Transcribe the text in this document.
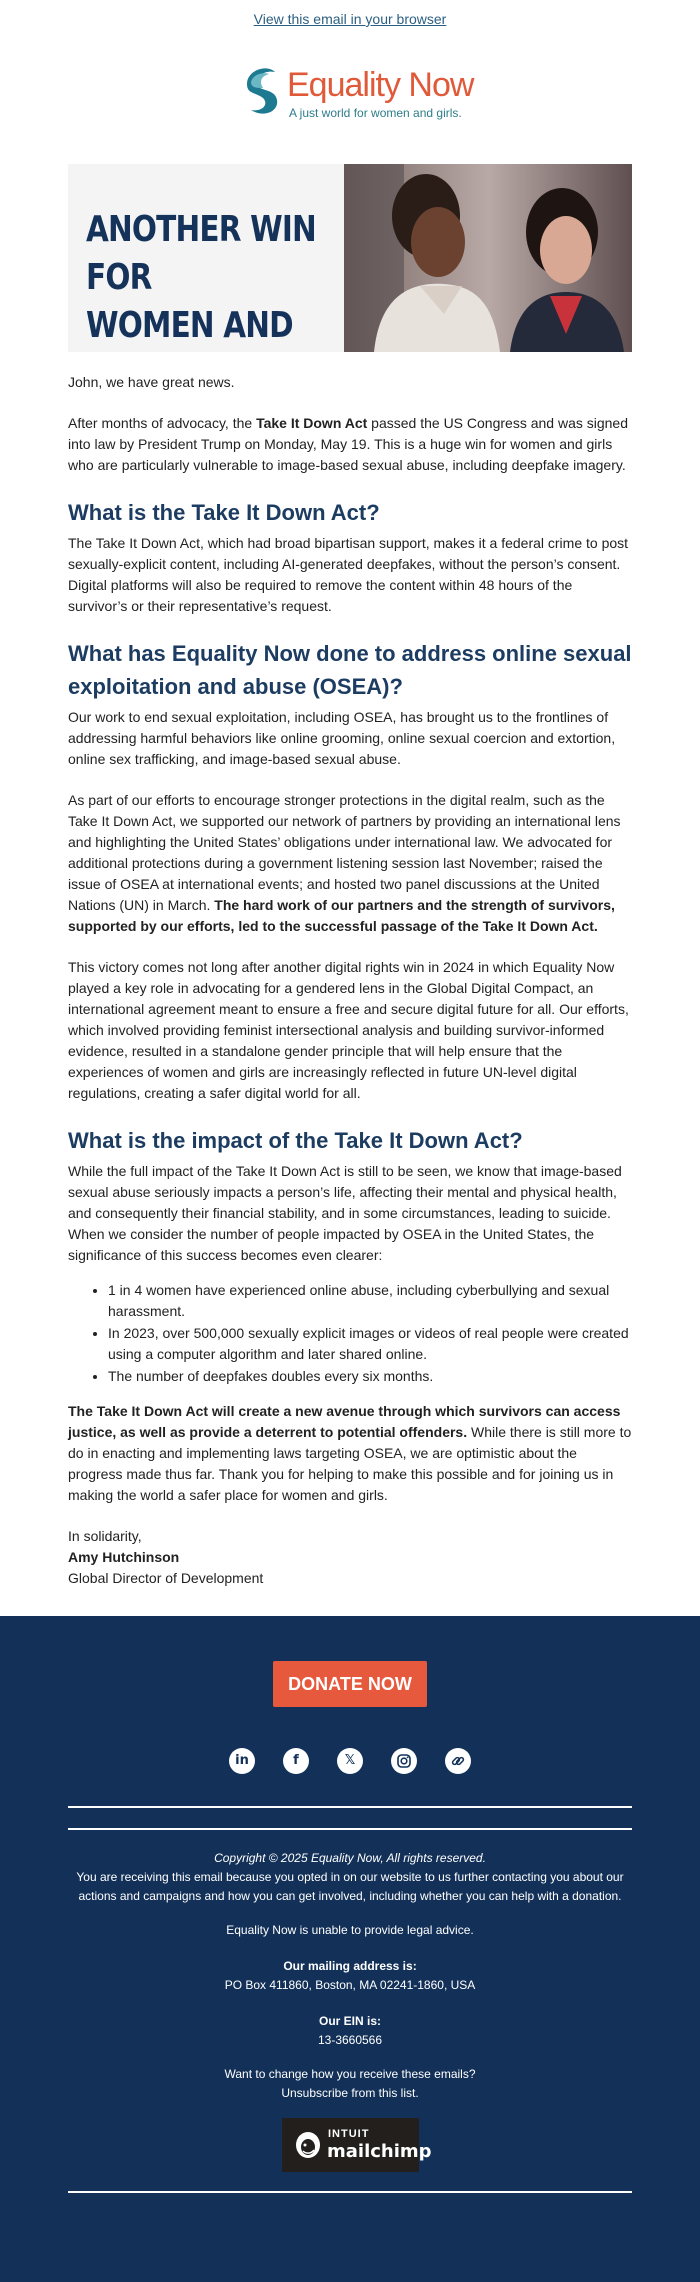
View this email in your browser
Equality Now
A just world for women and girls.
ANOTHER WIN FOR
WOMEN AND

John, we have great news.

After months of advocacy, the Take It Down Act passed the US Congress and was signed into law by President Trump on Monday, May 19. This is a huge win for women and girls who are particularly vulnerable to image-based sexual abuse, including deepfake imagery.

What is the Take It Down Act?

The Take It Down Act, which had broad bipartisan support, makes it a federal crime to post sexually-explicit content, including AI-generated deepfakes, without the person’s consent. Digital platforms will also be required to remove the content within 48 hours of the survivor’s or their representative’s request.

What has Equality Now done to address online sexual exploitation and abuse (OSEA)?

Our work to end sexual exploitation, including OSEA, has brought us to the frontlines of addressing harmful behaviors like online grooming, online sexual coercion and extortion, online sex trafficking, and image-based sexual abuse.

As part of our efforts to encourage stronger protections in the digital realm, such as the Take It Down Act, we supported our network of partners by providing an international lens and highlighting the United States’ obligations under international law. We advocated for additional protections during a government listening session last November; raised the issue of OSEA at international events; and hosted two panel discussions at the United Nations (UN) in March. The hard work of our partners and the strength of survivors, supported by our efforts, led to the successful passage of the Take It Down Act.

This victory comes not long after another digital rights win in 2024 in which Equality Now played a key role in advocating for a gendered lens in the Global Digital Compact, an international agreement meant to ensure a free and secure digital future for all. Our efforts, which involved providing feminist intersectional analysis and building survivor-informed evidence, resulted in a standalone gender principle that will help ensure that the experiences of women and girls are increasingly reflected in future UN-level digital regulations, creating a safer digital world for all.

What is the impact of the Take It Down Act?

While the full impact of the Take It Down Act is still to be seen, we know that image-based sexual abuse seriously impacts a person’s life, affecting their mental and physical health, and consequently their financial stability, and in some circumstances, leading to suicide. When we consider the number of people impacted by OSEA in the United States, the significance of this success becomes even clearer:

• 1 in 4 women have experienced online abuse, including cyberbullying and sexual harassment.
• In 2023, over 500,000 sexually explicit images or videos of real people were created using a computer algorithm and later shared online.
• The number of deepfakes doubles every six months.

The Take It Down Act will create a new avenue through which survivors can access justice, as well as provide a deterrent to potential offenders. While there is still more to do in enacting and implementing laws targeting OSEA, we are optimistic about the progress made thus far. Thank you for helping to make this possible and for joining us in making the world a safer place for women and girls.

In solidarity,

Amy Hutchinson

Global Director of Development

DONATE NOW
in	f	𝕏
Copyright © 2025 Equality Now, All rights reserved.
You are receiving this email because you opted in on our website to us further contacting you about our actions and campaigns and how you can get involved, including whether you can help with a donation.
Equality Now is unable to provide legal advice.
Our mailing address is:
PO Box 411860, Boston, MA 02241-1860, USA
Our EIN is:
13-3660566
Want to change how you receive these emails?
Unsubscribe from this list.
INTUIT
mailchimp
